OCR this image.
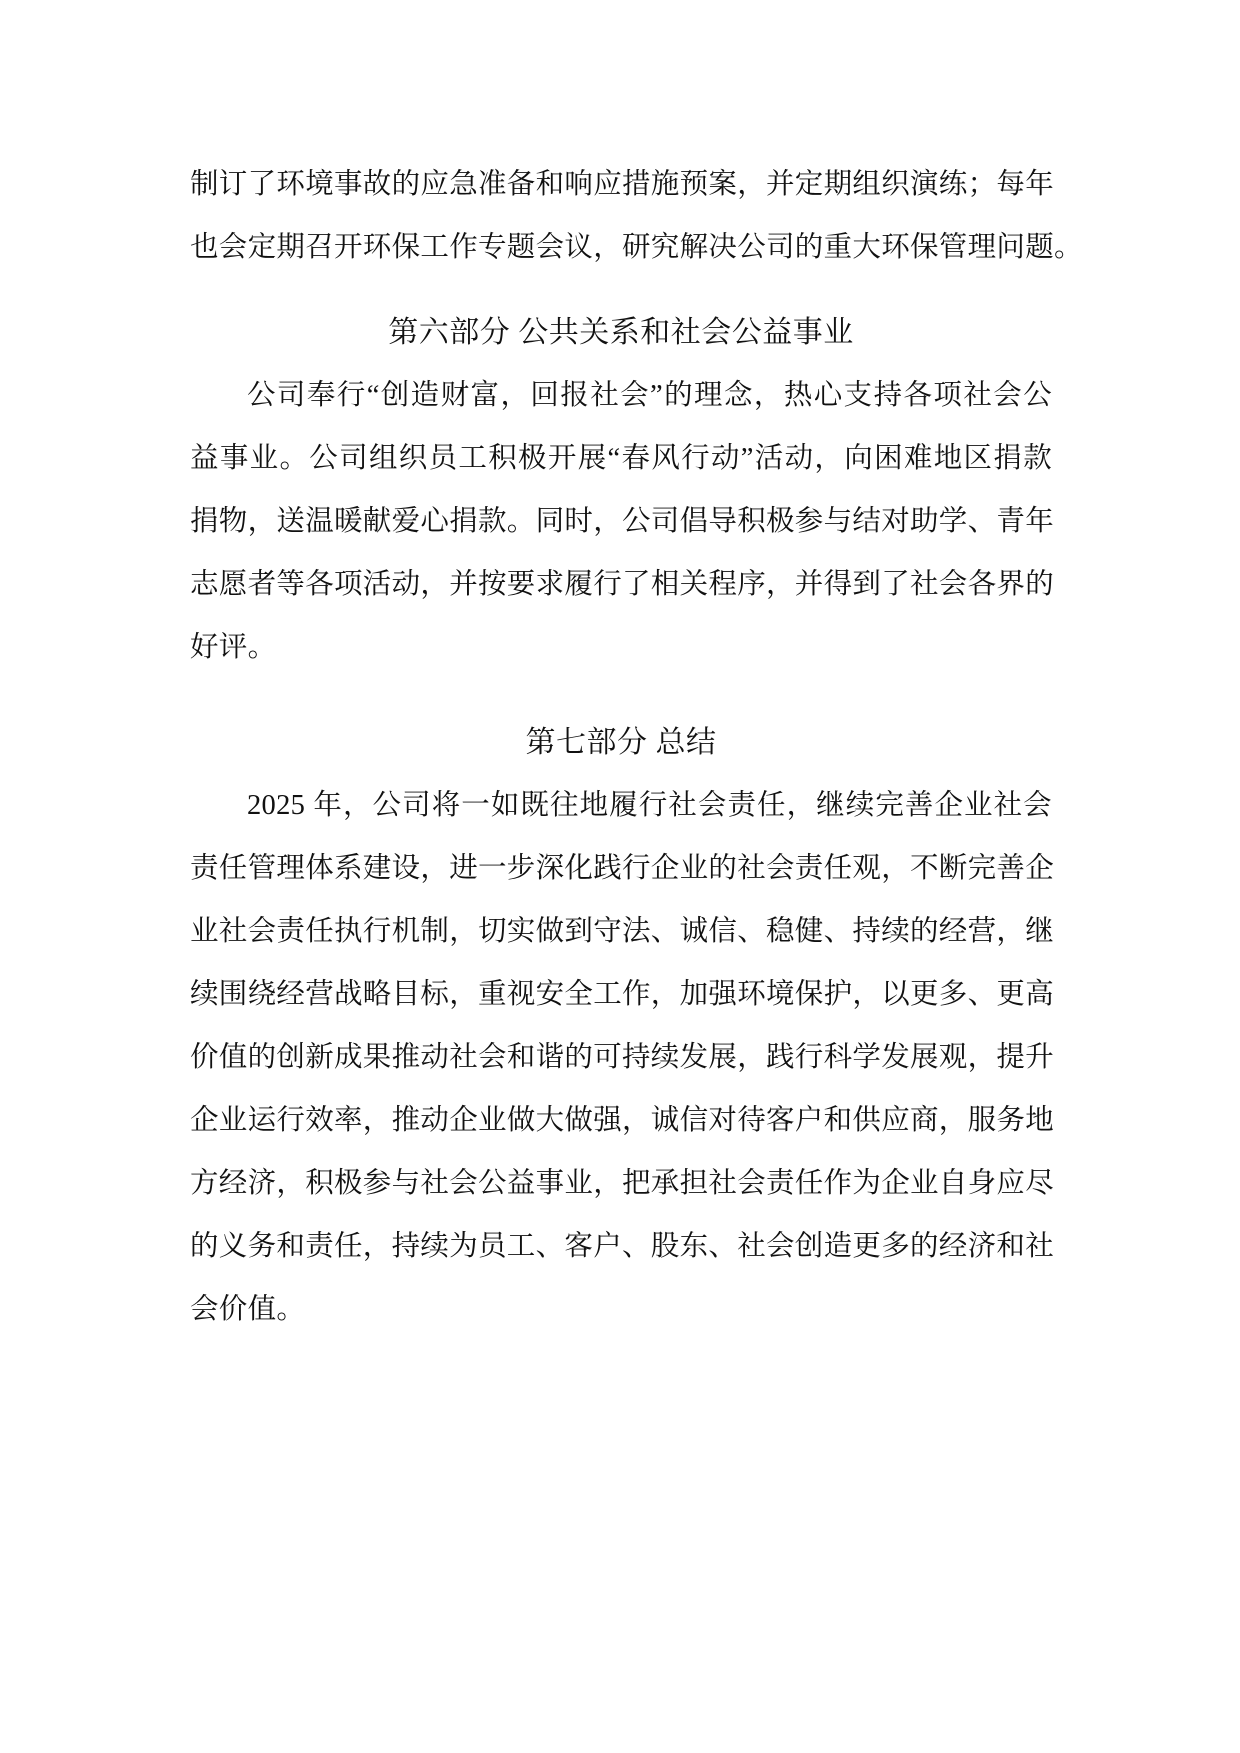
制订了环境事故的应急准备和响应措施预案，并定期组织演练；每年
也会定期召开环保工作专题会议，研究解决公司的重大环保管理问题。
第六部分 公共关系和社会公益事业
公司奉行“创造财富，回报社会”的理念，热心支持各项社会公
益事业。公司组织员工积极开展“春风行动”活动，向困难地区捐款
捐物，送温暖献爱心捐款。同时，公司倡导积极参与结对助学、青年
志愿者等各项活动，并按要求履行了相关程序，并得到了社会各界的
好评。
第七部分 总结
2025 年，公司将一如既往地履行社会责任，继续完善企业社会
责任管理体系建设，进一步深化践行企业的社会责任观，不断完善企
业社会责任执行机制，切实做到守法、诚信、稳健、持续的经营，继
续围绕经营战略目标，重视安全工作，加强环境保护，以更多、更高
价值的创新成果推动社会和谐的可持续发展，践行科学发展观，提升
企业运行效率，推动企业做大做强，诚信对待客户和供应商，服务地
方经济，积极参与社会公益事业，把承担社会责任作为企业自身应尽
的义务和责任，持续为员工、客户、股东、社会创造更多的经济和社
会价值。
